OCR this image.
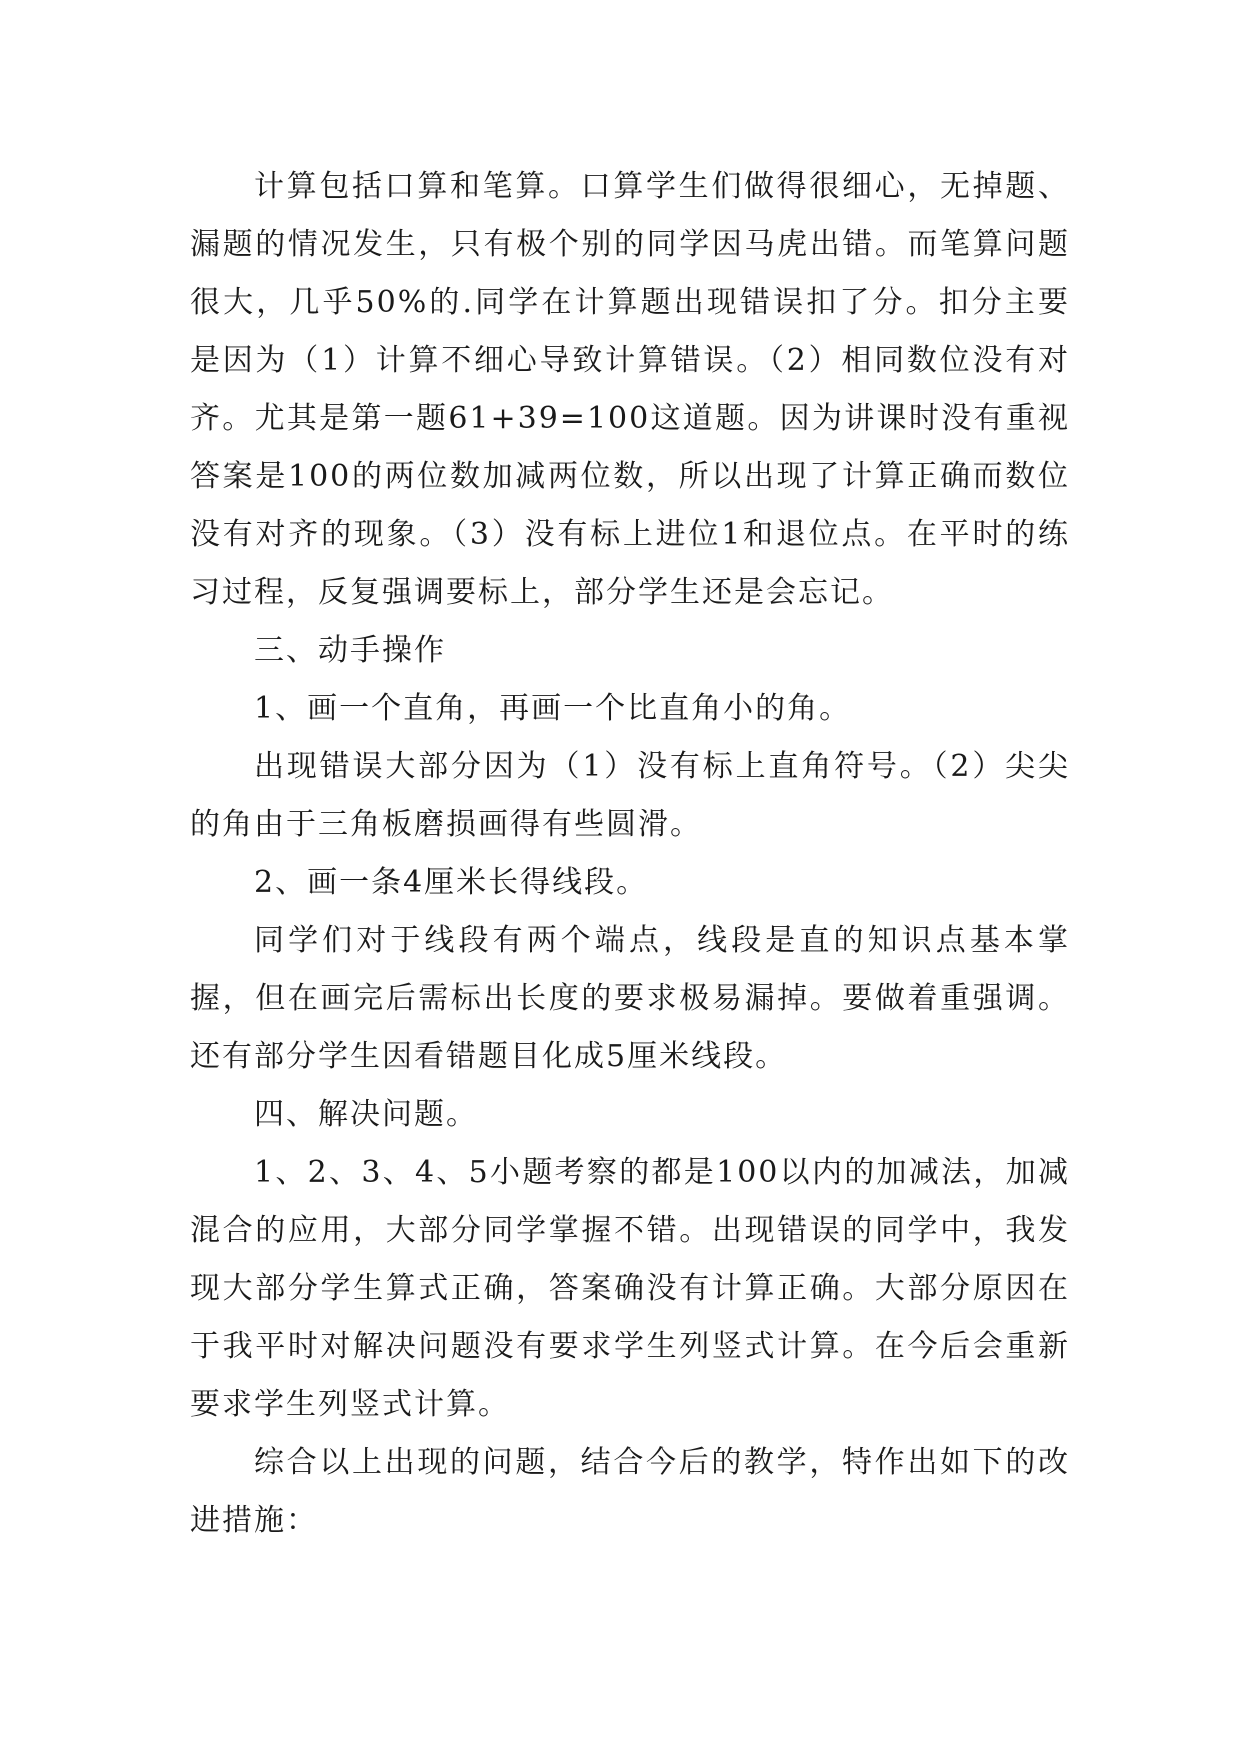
计算包括口算和笔算。口算学生们做得很细心，无掉题、漏题的情况发生，只有极个别的同学因马虎出错。而笔算问题很大，几乎50%的.同学在计算题出现错误扣了分。扣分主要是因为（1）计算不细心导致计算错误。（2）相同数位没有对齐。尤其是第一题61+39=100这道题。因为讲课时没有重视答案是100的两位数加减两位数，所以出现了计算正确而数位没有对齐的现象。（3）没有标上进位1和退位点。在平时的练习过程，反复强调要标上，部分学生还是会忘记。

三、动手操作

1、画一个直角，再画一个比直角小的角。

出现错误大部分因为（1）没有标上直角符号。（2）尖尖的角由于三角板磨损画得有些圆滑。

2、画一条4厘米长得线段。

同学们对于线段有两个端点，线段是直的知识点基本掌握，但在画完后需标出长度的要求极易漏掉。要做着重强调。还有部分学生因看错题目化成5厘米线段。

四、解决问题。

1、2、3、4、5小题考察的都是100以内的加减法，加减混合的应用，大部分同学掌握不错。出现错误的同学中，我发现大部分学生算式正确，答案确没有计算正确。大部分原因在于我平时对解决问题没有要求学生列竖式计算。在今后会重新要求学生列竖式计算。

综合以上出现的问题，结合今后的教学，特作出如下的改进措施：
